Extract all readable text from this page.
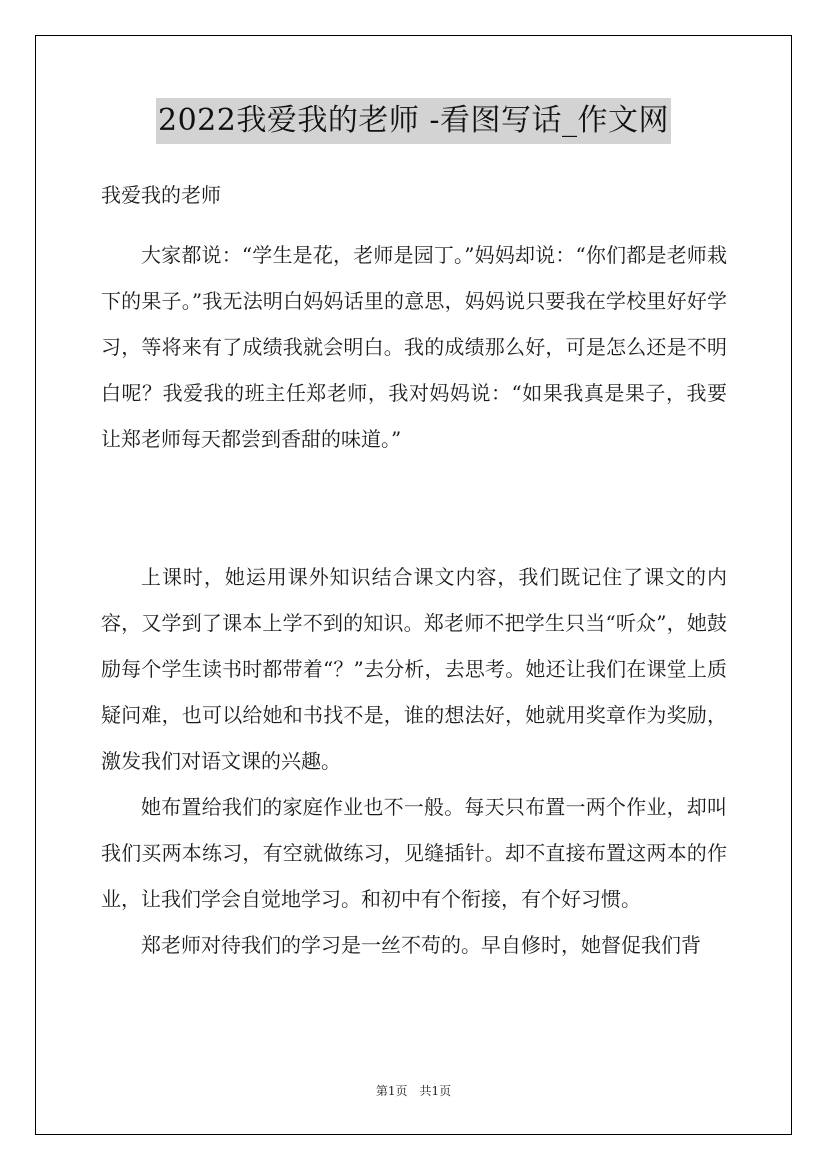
2022我爱我的老师 -看图写话_作文网

我爱我的老师

大家都说：“学生是花，老师是园丁。”妈妈却说：“你们都是老师栽下的果子。”我无法明白妈妈话里的意思，妈妈说只要我在学校里好好学习，等将来有了成绩我就会明白。我的成绩那么好，可是怎么还是不明白呢？我爱我的班主任郑老师，我对妈妈说：“如果我真是果子，我要让郑老师每天都尝到香甜的味道。”

上课时，她运用课外知识结合课文内容，我们既记住了课文的内容，又学到了课本上学不到的知识。郑老师不把学生只当“听众”，她鼓励每个学生读书时都带着“？”去分析，去思考。她还让我们在课堂上质疑问难，也可以给她和书找不是，谁的想法好，她就用奖章作为奖励，激发我们对语文课的兴趣。

她布置给我们的家庭作业也不一般。每天只布置一两个作业，却叫我们买两本练习，有空就做练习，见缝插针。却不直接布置这两本的作业，让我们学会自觉地学习。和初中有个衔接，有个好习惯。

郑老师对待我们的学习是一丝不苟的。早自修时，她督促我们背

第1页　共1页
